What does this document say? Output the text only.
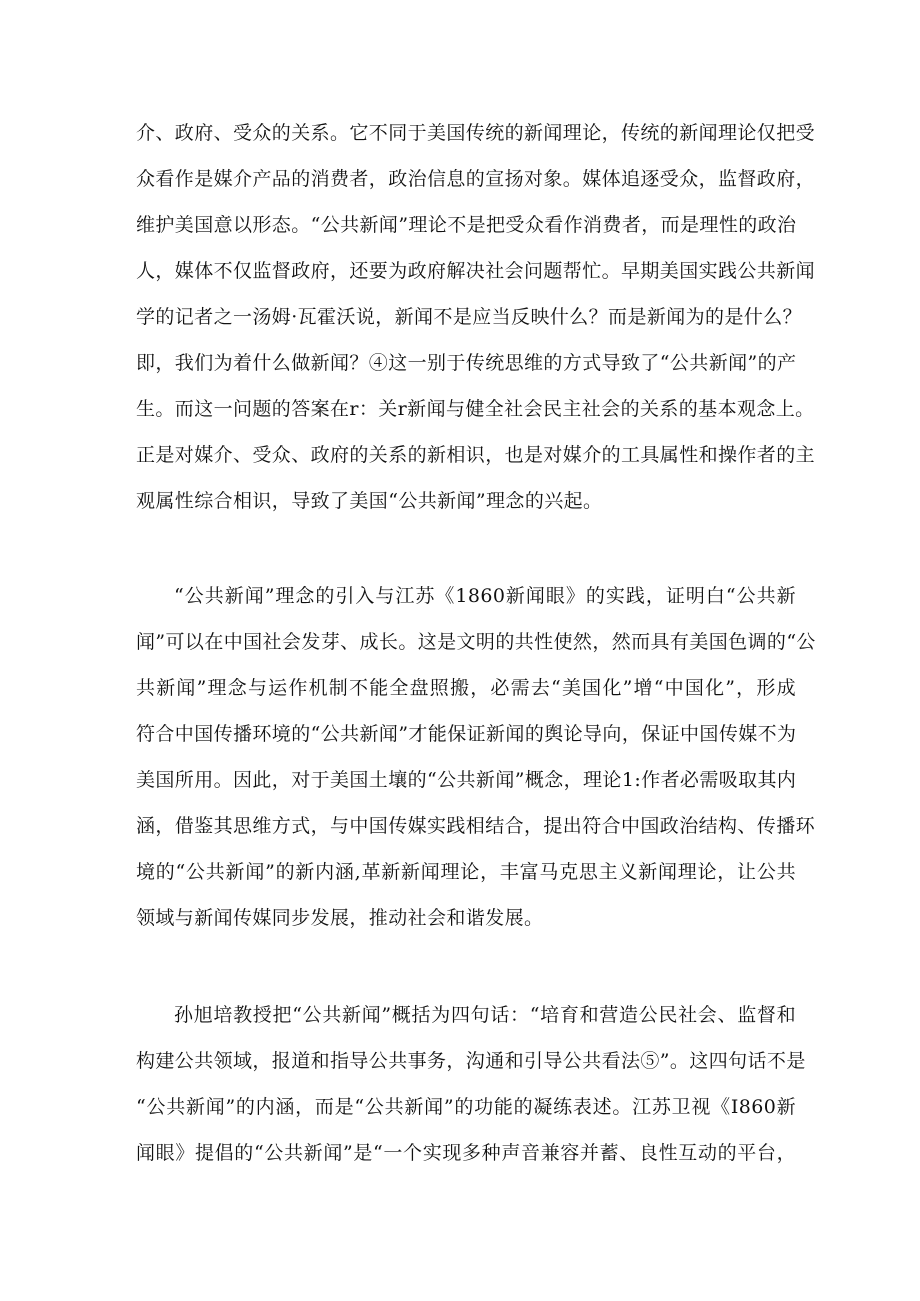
介、政府、受众的关系。它不同于美国传统的新闻理论，传统的新闻理论仅把受
众看作是媒介产品的消费者，政治信息的宣扬对象。媒体追逐受众，监督政府，
维护美国意以形态。“公共新闻”理论不是把受众看作消费者，而是理性的政治
人，媒体不仅监督政府，还要为政府解决社会问题帮忙。早期美国实践公共新闻
学的记者之一汤姆·瓦霍沃说，新闻不是应当反映什么？而是新闻为的是什么？
即，我们为着什么做新闻？④这一别于传统思维的方式导致了“公共新闻”的产
生。而这一问题的答案在r：关r新闻与健全社会民主社会的关系的基本观念上。
正是对媒介、受众、政府的关系的新相识，也是对媒介的工具属性和操作者的主
观属性综合相识，导致了美国“公共新闻”理念的兴起。
“公共新闻”理念的引入与江苏《1860新闻眼》的实践，证明白“公共新
闻”可以在中国社会发芽、成长。这是文明的共性使然，然而具有美国色调的“公
共新闻”理念与运作机制不能全盘照搬，必需去“美国化”增“中国化”，形成
符合中国传播环境的“公共新闻”才能保证新闻的舆论导向，保证中国传媒不为
美国所用。因此，对于美国土壤的“公共新闻”概念，理论1:作者必需吸取其内
涵，借鉴其思维方式，与中国传媒实践相结合，提出符合中国政治结构、传播环
境的“公共新闻”的新内涵,革新新闻理论，丰富马克思主义新闻理论，让公共
领域与新闻传媒同步发展，推动社会和谐发展。
孙旭培教授把“公共新闻”概括为四句话：“培育和营造公民社会、监督和
构建公共领域，报道和指导公共事务，沟通和引导公共看法⑤”。这四句话不是
“公共新闻”的内涵，而是“公共新闻”的功能的凝练表述。江苏卫视《I860新
闻眼》提倡的“公共新闻”是“一个实现多种声音兼容并蓄、良性互动的平台，
